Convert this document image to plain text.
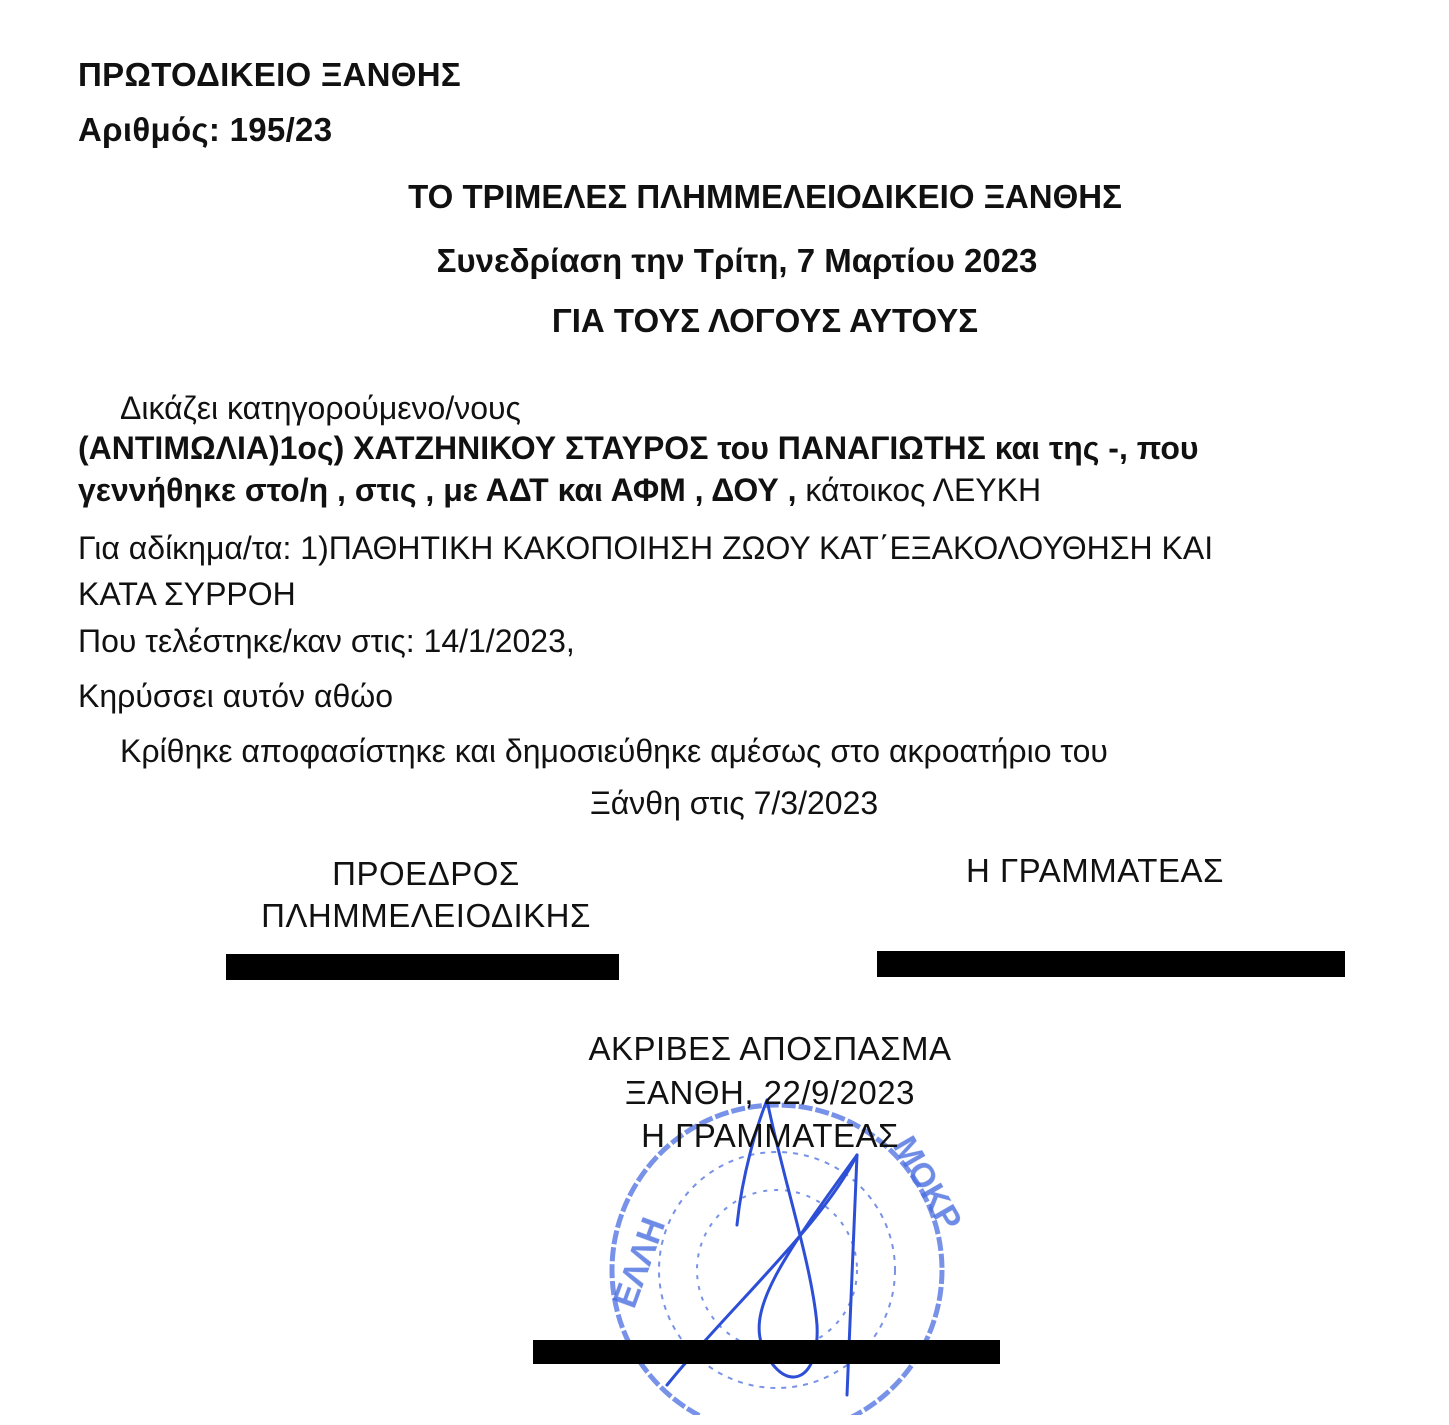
ΠΡΩΤΟΔΙΚΕΙΟ ΞΑΝΘΗΣ
Αριθμός: 195/23
ΤΟ ΤΡΙΜΕΛΕΣ ΠΛΗΜΜΕΛΕΙΟΔΙΚΕΙΟ ΞΑΝΘΗΣ
Συνεδρίαση την Τρίτη, 7 Μαρτίου 2023
ΓΙΑ ΤΟΥΣ ΛΟΓΟΥΣ ΑΥΤΟΥΣ
Δικάζει κατηγορούμενο/νους
(ΑΝΤΙΜΩΛΙΑ)1ος) ΧΑΤΖΗΝΙΚΟΥ ΣΤΑΥΡΟΣ του ΠΑΝΑΓΙΩΤΗΣ και της -, που
γεννήθηκε στο/η , στις , με ΑΔΤ και ΑΦΜ , ΔΟΥ , κάτοικος ΛΕΥΚΗ
Για αδίκημα/τα: 1)ΠΑΘΗΤΙΚΗ ΚΑΚΟΠΟΙΗΣΗ ΖΩΟΥ ΚΑΤ΄ΕΞΑΚΟΛΟΥΘΗΣΗ ΚΑΙ
ΚΑΤΑ ΣΥΡΡΟΗ
Που τελέστηκε/καν στις: 14/1/2023,
Κηρύσσει αυτόν αθώο
Κρίθηκε αποφασίστηκε και δημοσιεύθηκε αμέσως στο ακροατήριο του
Ξάνθη στις 7/3/2023
ΠΡΟΕΔΡΟΣ
ΠΛΗΜΜΕΛΕΙΟΔΙΚΗΣ
Η ΓΡΑΜΜΑΤΕΑΣ
ΕΛΛΗ
ΜΟΚΡ
ΑΚΡΙΒΕΣ ΑΠΟΣΠΑΣΜΑ
ΞΑΝΘΗ, 22/9/2023
Η ΓΡΑΜΜΑΤΕΑΣ
